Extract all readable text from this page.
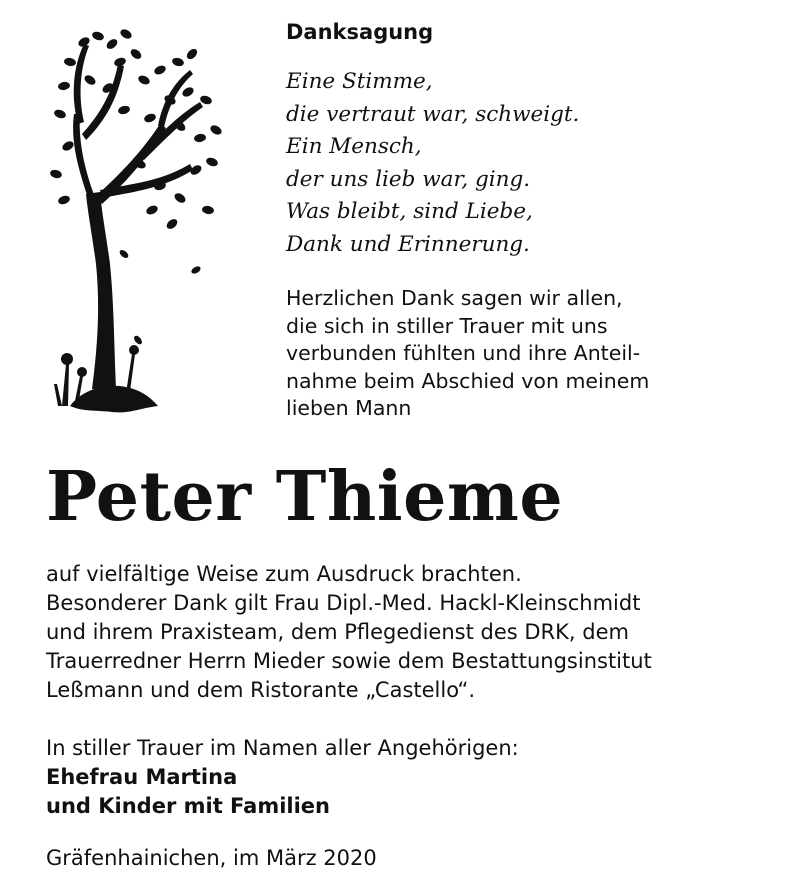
Danksagung
Eine Stimme,
die vertraut war, schweigt.
Ein Mensch,
der uns lieb war, ging.
Was bleibt, sind Liebe,
Dank und Erinnerung.
Herzlichen Dank sagen wir allen,
die sich in stiller Trauer mit uns
verbunden fühlten und ihre Anteil-
nahme beim Abschied von meinem
lieben Mann
Peter Thieme
auf vielfältige Weise zum Ausdruck brachten.
Besonderer Dank gilt Frau Dipl.-Med. Hackl-Kleinschmidt
und ihrem Praxisteam, dem Pflegedienst des DRK, dem
Trauerredner Herrn Mieder sowie dem Bestattungsinstitut
Leßmann und dem Ristorante „Castello“.
In stiller Trauer im Namen aller Angehörigen:
Ehefrau Martina
und Kinder mit Familien
Gräfenhainichen, im März 2020
